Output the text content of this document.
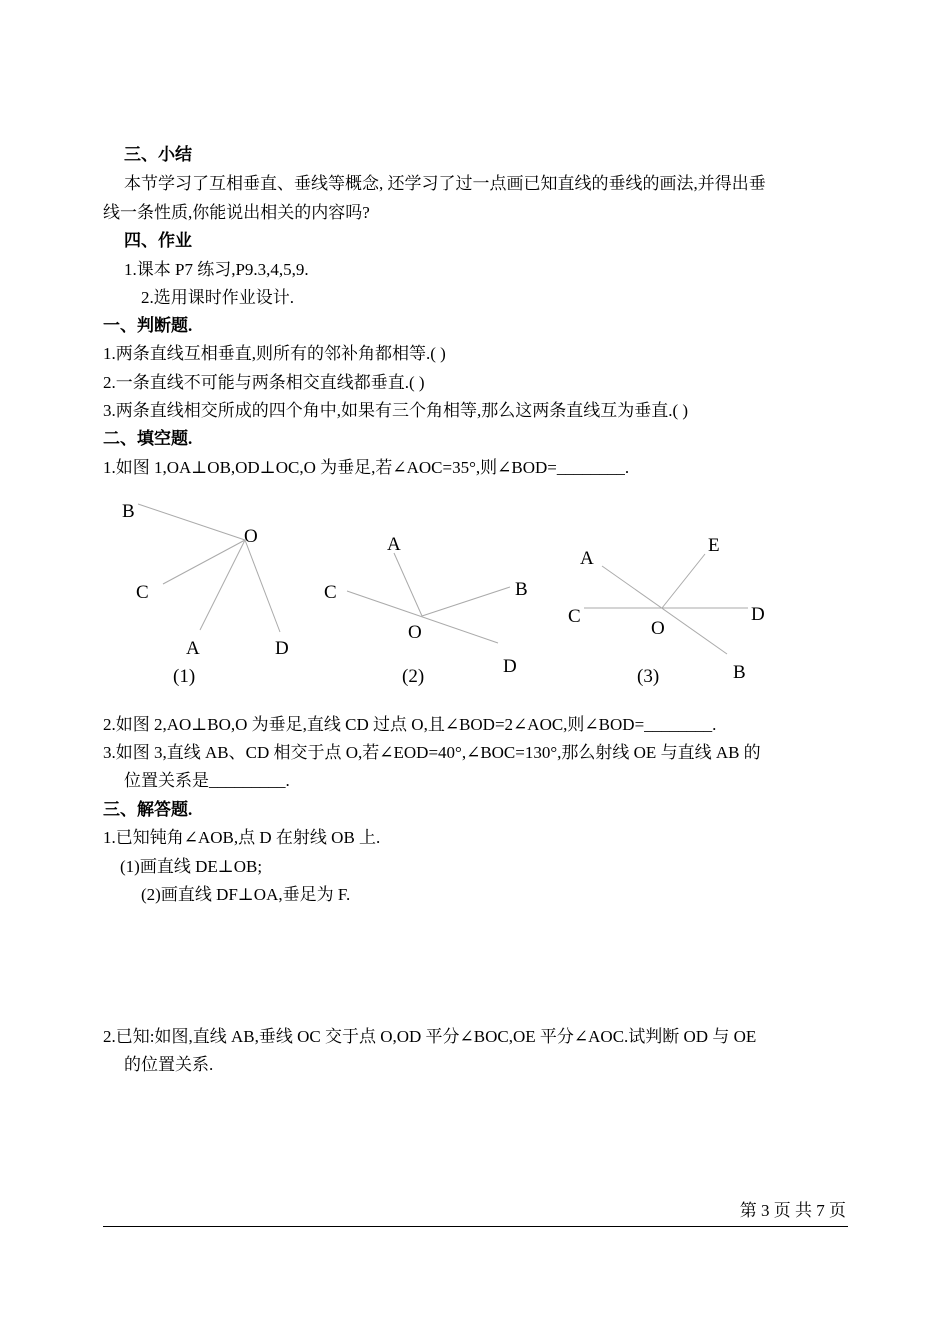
三、小结
本节学习了互相垂直、垂线等概念, 还学习了过一点画已知直线的垂线的画法,并得出垂
线一条性质,你能说出相关的内容吗?
四、作业
1.课本 P7 练习,P9.3,4,5,9.
2.选用课时作业设计.
一、判断题.
1.两条直线互相垂直,则所有的邻补角都相等.( )
2.一条直线不可能与两条相交直线都垂直.( )
3.两条直线相交所成的四个角中,如果有三个角相等,那么这两条直线互为垂直.( )
二、填空题.
1.如图 1,OA⊥OB,OD⊥OC,O 为垂足,若∠AOC=35°,则∠BOD=________.
B
O
C
A	D
(1)
A
B
C
O
D
(2)
A
E
C
O
D
B
(3)
2.如图 2,AO⊥BO,O 为垂足,直线 CD 过点 O,且∠BOD=2∠AOC,则∠BOD=________.
3.如图 3,直线 AB、CD 相交于点 O,若∠EOD=40°,∠BOC=130°,那么射线 OE 与直线 AB 的
位置关系是_________.
三、解答题.
1.已知钝角∠AOB,点 D 在射线 OB 上.
(1)画直线 DE⊥OB;
(2)画直线 DF⊥OA,垂足为 F.
2.已知:如图,直线 AB,垂线 OC 交于点 O,OD 平分∠BOC,OE 平分∠AOC.试判断 OD 与 OE
的位置关系.
第 3 页 共 7 页
